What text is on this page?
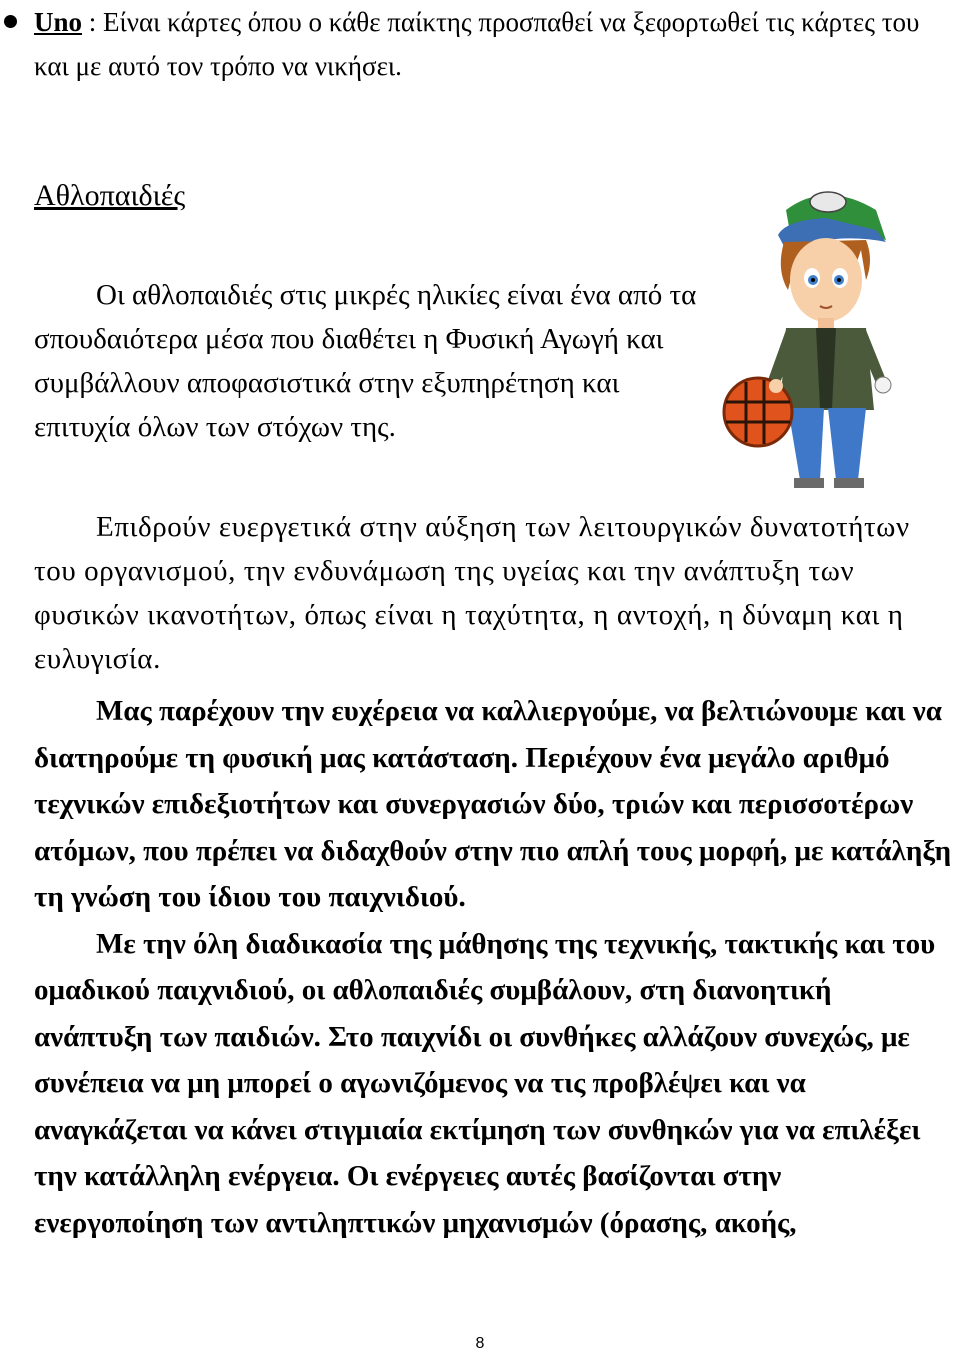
Uno : Είναι κάρτες όπου ο κάθε παίκτης προσπαθεί να ξεφορτωθεί τις κάρτες του και με αυτό τον τρόπο να νικήσει.
Αθλοπαιδιές
Οι αθλοπαιδιές στις μικρές ηλικίες είναι ένα από τα σπουδαιότερα μέσα που διαθέτει η Φυσική Αγωγή και συμβάλλουν αποφασιστικά στην εξυπηρέτηση και επιτυχία όλων των στόχων της.
Επιδρούν ευεργετικά στην αύξηση των λειτουργικών δυνατοτήτων του οργανισμού, την ενδυνάμωση της υγείας και την ανάπτυξη των φυσικών ικανοτήτων, όπως είναι η ταχύτητα, η αντοχή, η δύναμη και η ευλυγισία.
Μας παρέχουν την ευχέρεια να καλλιεργούμε, να βελτιώνουμε και να διατηρούμε τη φυσική μας κατάσταση. Περιέχουν ένα μεγάλο αριθμό τεχνικών επιδεξιοτήτων και συνεργασιών δύο, τριών και περισσοτέρων ατόμων, που πρέπει να διδαχθούν στην πιο απλή τους μορφή, με κατάληξη τη γνώση του ίδιου του παιχνιδιού.
Με την όλη διαδικασία της μάθησης της τεχνικής, τακτικής και του ομαδικού παιχνιδιού, οι αθλοπαιδιές συμβάλουν, στη διανοητική ανάπτυξη των παιδιών. Στο παιχνίδι οι συνθήκες αλλάζουν συνεχώς, με συνέπεια να μη μπορεί ο αγωνιζόμενος να τις προβλέψει και να αναγκάζεται να κάνει στιγμιαία εκτίμηση των συνθηκών για να επιλέξει την κατάλληλη ενέργεια. Οι ενέργειες αυτές βασίζονται στην ενεργοποίηση των αντιληπτικών μηχανισμών (όρασης, ακοής,
8
